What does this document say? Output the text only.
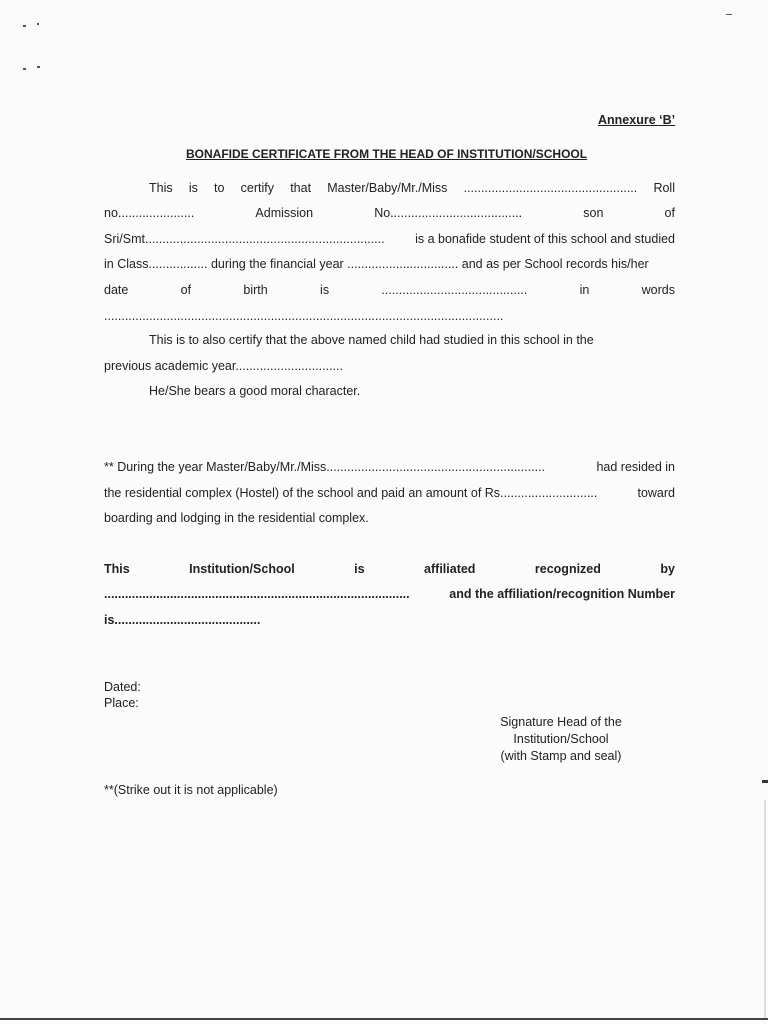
Annexure ‘B’
BONAFIDE CERTIFICATE FROM THE HEAD OF INSTITUTION/SCHOOL
This is to certify that Master/Baby/Mr./Miss .................................................. Roll
no......................	Admission	No......................................	son	of
Sri/Smt..................................................................... is a bonafide student of this school and studied
in Class................. during the financial year ................................ and as per School records his/her
date	of	birth	is	..........................................	in	words
...................................................................................................................
This is to also certify that the above named child had studied in this school in the
previous academic year...............................
He/She bears a good moral character.
** During the year Master/Baby/Mr./Miss...............................................................	had resided in
the residential complex (Hostel) of the school and paid an amount of Rs............................	toward
boarding and lodging in the residential complex.
This	Institution/School	is	affiliated	recognized	by
........................................................................................	and the affiliation/recognition Number
is..........................................
Dated:
Place:
Signature Head of the
Institution/School
(with Stamp and seal)
**(Strike out it is not applicable)
